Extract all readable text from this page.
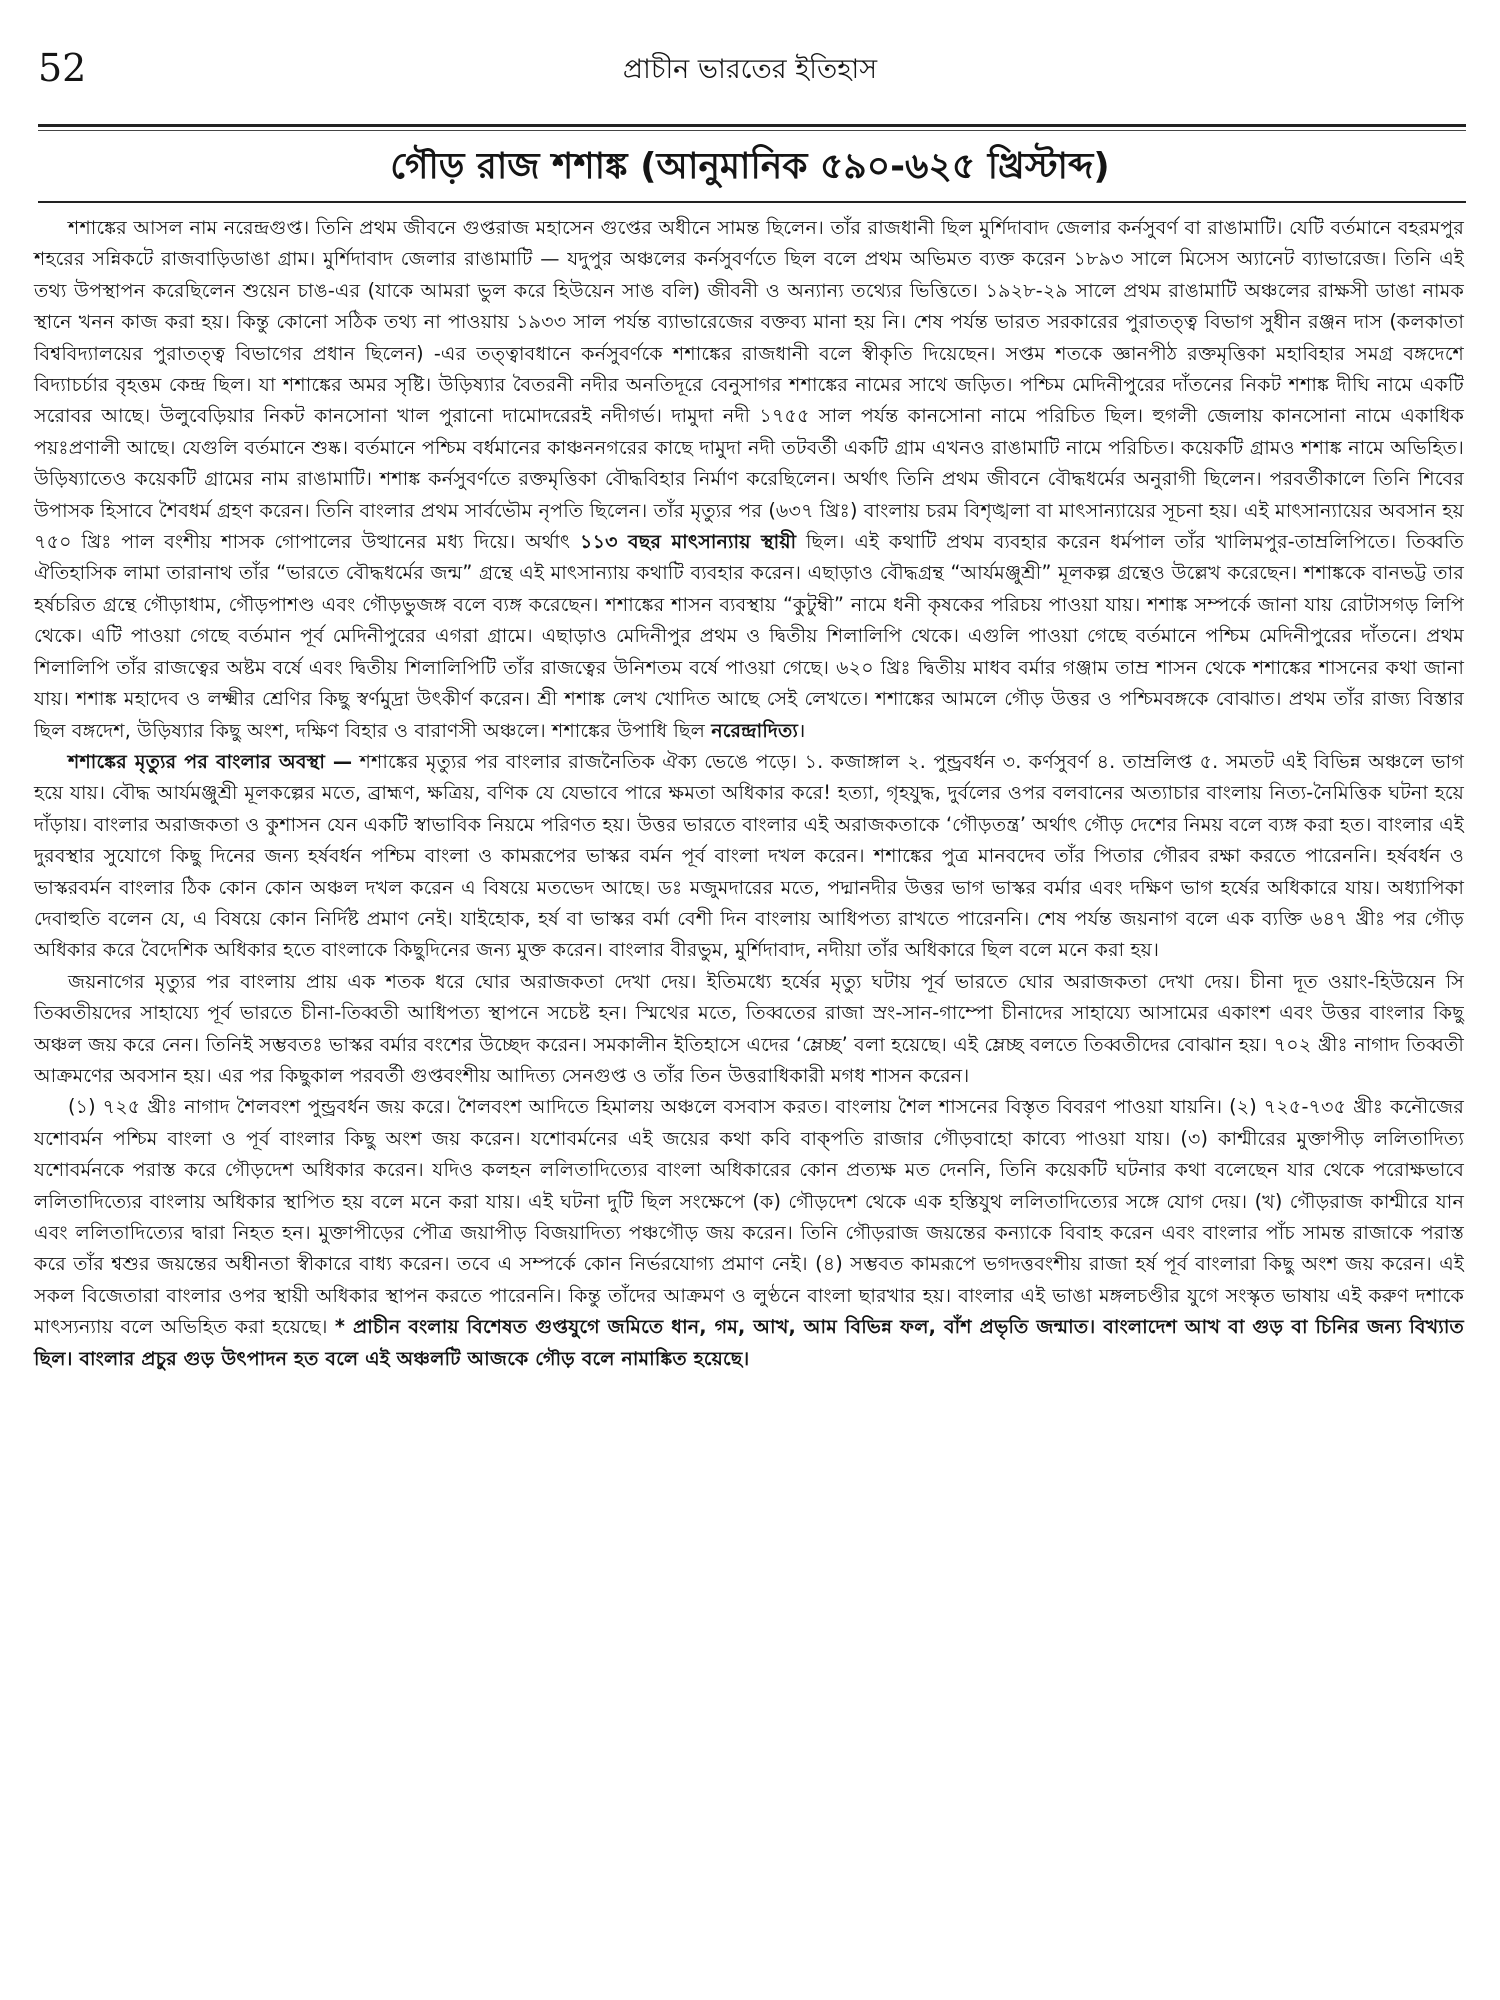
52	প্রাচীন ভারতের ইতিহাস
গৌড় রাজ শশাঙ্ক (আনুমানিক ৫৯০-৬২৫ খ্রিস্টাব্দ)

শশাঙ্কের আসল নাম নরেন্দ্রগুপ্ত। তিনি প্রথম জীবনে গুপ্তরাজ মহাসেন গুপ্তের অধীনে সামন্ত ছিলেন। তাঁর রাজধানী ছিল মুর্শিদাবাদ জেলার কর্নসুবর্ণ বা রাঙামাটি। যেটি বর্তমানে বহরমপুর শহরের সন্নিকটে রাজবাড়িডাঙা গ্রাম। মুর্শিদাবাদ জেলার রাঙামাটি — যদুপুর অঞ্চলের কর্নসুবর্ণতে ছিল বলে প্রথম অভিমত ব্যক্ত করেন ১৮৯৩ সালে মিসেস অ্যানেট ব্যাভারেজ। তিনি এই তথ্য উপস্থাপন করেছিলেন শুয়েন চাঙ-এর (যাকে আমরা ভুল করে হিউয়েন সাঙ বলি) জীবনী ও অন্যান্য তথ্যের ভিত্তিতে। ১৯২৮-২৯ সালে প্রথম রাঙামাটি অঞ্চলের রাক্ষসী ডাঙা নামক স্থানে খনন কাজ করা হয়। কিন্তু কোনো সঠিক তথ্য না পাওয়ায় ১৯৩৩ সাল পর্যন্ত ব্যাভারেজের বক্তব্য মানা হয় নি। শেষ পর্যন্ত ভারত সরকারের পুরাতত্ত্ব বিভাগ সুধীন রঞ্জন দাস (কলকাতা বিশ্ববিদ্যালয়ের পুরাতত্ত্ব বিভাগের প্রধান ছিলেন) -এর তত্ত্বাবধানে কর্নসুবর্ণকে শশাঙ্কের রাজধানী বলে স্বীকৃতি দিয়েছেন। সপ্তম শতকে জ্ঞানপীঠ রক্তমৃত্তিকা মহাবিহার সমগ্র বঙ্গদেশে বিদ্যাচর্চার বৃহত্তম কেন্দ্র ছিল। যা শশাঙ্কের অমর সৃষ্টি। উড়িষ্যার বৈতরনী নদীর অনতিদূরে বেনুসাগর শশাঙ্কের নামের সাথে জড়িত। পশ্চিম মেদিনীপুরের দাঁতনের নিকট শশাঙ্ক দীঘি নামে একটি সরোবর আছে। উলুবেড়িয়ার নিকট কানসোনা খাল পুরানো দামোদরেরই নদীগর্ভ। দামুদা নদী ১৭৫৫ সাল পর্যন্ত কানসোনা নামে পরিচিত ছিল। হুগলী জেলায় কানসোনা নামে একাধিক পয়ঃপ্রণালী আছে। যেগুলি বর্তমানে শুষ্ক। বর্তমানে পশ্চিম বর্ধমানের কাঞ্চননগরের কাছে দামুদা নদী তটবর্তী একটি গ্রাম এখনও রাঙামাটি নামে পরিচিত। কয়েকটি গ্রামও শশাঙ্ক নামে অভিহিত। উড়িষ্যাতেও কয়েকটি গ্রামের নাম রাঙামাটি। শশাঙ্ক কর্নসুবর্ণতে রক্তমৃত্তিকা বৌদ্ধবিহার নির্মাণ করেছিলেন। অর্থাৎ তিনি প্রথম জীবনে বৌদ্ধধর্মের অনুরাগী ছিলেন। পরবর্তীকালে তিনি শিবের উপাসক হিসাবে শৈবধর্ম গ্রহণ করেন। তিনি বাংলার প্রথম সার্বভৌম নৃপতি ছিলেন। তাঁর মৃত্যুর পর (৬৩৭ খ্রিঃ) বাংলায় চরম বিশৃঙ্খলা বা মাৎসান্যায়ের সূচনা হয়। এই মাৎসান্যায়ের অবসান হয় ৭৫০ খ্রিঃ পাল বংশীয় শাসক গোপালের উত্থানের মধ্য দিয়ে। অর্থাৎ ১১৩ বছর মাৎসান্যায় স্থায়ী ছিল। এই কথাটি প্রথম ব্যবহার করেন ধর্মপাল তাঁর খালিমপুর-তাম্রলিপিতে। তিব্বতি ঐতিহাসিক লামা তারানাথ তাঁর “ভারতে বৌদ্ধধর্মের জন্ম” গ্রন্থে এই মাৎসান্যায় কথাটি ব্যবহার করেন। এছাড়াও বৌদ্ধগ্রন্থ “আর্যমঞ্জুশ্রী” মূলকল্প গ্রন্থেও উল্লেখ করেছেন। শশাঙ্ককে বানভট্ট তার হর্ষচরিত গ্রন্থে গৌড়াধাম, গৌড়পাশণ্ড এবং গৌড়ভুজঙ্গ বলে ব্যঙ্গ করেছেন। শশাঙ্কের শাসন ব্যবস্থায় “কুটুম্বী” নামে ধনী কৃষকের পরিচয় পাওয়া যায়। শশাঙ্ক সম্পর্কে জানা যায় রোটাসগড় লিপি থেকে। এটি পাওয়া গেছে বর্তমান পূর্ব মেদিনীপুরের এগরা গ্রামে। এছাড়াও মেদিনীপুর প্রথম ও দ্বিতীয় শিলালিপি থেকে। এগুলি পাওয়া গেছে বর্তমানে পশ্চিম মেদিনীপুরের দাঁতনে। প্রথম শিলালিপি তাঁর রাজত্বের অষ্টম বর্ষে এবং দ্বিতীয় শিলালিপিটি তাঁর রাজত্বের উনিশতম বর্ষে পাওয়া গেছে। ৬২০ খ্রিঃ দ্বিতীয় মাধব বর্মার গঞ্জাম তাম্র শাসন থেকে শশাঙ্কের শাসনের কথা জানা যায়। শশাঙ্ক মহাদেব ও লক্ষ্মীর শ্রেণির কিছু স্বর্ণমুদ্রা উৎকীর্ণ করেন। শ্রী শশাঙ্ক লেখ খোদিত আছে সেই লেখতে। শশাঙ্কের আমলে গৌড় উত্তর ও পশ্চিমবঙ্গকে বোঝাত। প্রথম তাঁর রাজ্য বিস্তার ছিল বঙ্গদেশ, উড়িষ্যার কিছু অংশ, দক্ষিণ বিহার ও বারাণসী অঞ্চলে। শশাঙ্কের উপাধি ছিল নরেন্দ্রাদিত্য।

শশাঙ্কের মৃত্যুর পর বাংলার অবস্থা — শশাঙ্কের মৃত্যুর পর বাংলার রাজনৈতিক ঐক্য ভেঙে পড়ে। ১. কজাঙ্গাল ২. পুন্ড্রবর্ধন ৩. কর্ণসুবর্ণ ৪. তাম্রলিপ্ত ৫. সমতট এই বিভিন্ন অঞ্চলে ভাগ হয়ে যায়। বৌদ্ধ আর্যমঞ্জুশ্রী মূলকল্পের মতে, ব্রাহ্মণ, ক্ষত্রিয়, বণিক যে যেভাবে পারে ক্ষমতা অধিকার করে! হত্যা, গৃহযুদ্ধ, দুর্বলের ওপর বলবানের অত্যাচার বাংলায় নিত্য-নৈমিত্তিক ঘটনা হয়ে দাঁড়ায়। বাংলার অরাজকতা ও কুশাসন যেন একটি স্বাভাবিক নিয়মে পরিণত হয়। উত্তর ভারতে বাংলার এই অরাজকতাকে ‘গৌড়তন্ত্র’ অর্থাৎ গৌড় দেশের নিময় বলে ব্যঙ্গ করা হত। বাংলার এই দুরবস্থার সুযোগে কিছু দিনের জন্য হর্ষবর্ধন পশ্চিম বাংলা ও কামরূপের ভাস্কর বর্মন পূর্ব বাংলা দখল করেন। শশাঙ্কের পুত্র মানবদেব তাঁর পিতার গৌরব রক্ষা করতে পারেননি। হর্ষবর্ধন ও ভাস্করবর্মন বাংলার ঠিক কোন কোন অঞ্চল দখল করেন এ বিষয়ে মতভেদ আছে। ডঃ মজুমদারের মতে, পদ্মানদীর উত্তর ভাগ ভাস্কর বর্মার এবং দক্ষিণ ভাগ হর্ষের অধিকারে যায়। অধ্যাপিকা দেবাহুতি বলেন যে, এ বিষয়ে কোন নির্দিষ্ট প্রমাণ নেই। যাইহোক, হর্ষ বা ভাস্কর বর্মা বেশী দিন বাংলায় আধিপত্য রাখতে পারেননি। শেষ পর্যন্ত জয়নাগ বলে এক ব্যক্তি ৬৪৭ খ্রীঃ পর গৌড় অধিকার করে বৈদেশিক অধিকার হতে বাংলাকে কিছুদিনের জন্য মুক্ত করেন। বাংলার বীরভুম, মুর্শিদাবাদ, নদীয়া তাঁর অধিকারে ছিল বলে মনে করা হয়।

জয়নাগের মৃত্যুর পর বাংলায় প্রায় এক শতক ধরে ঘোর অরাজকতা দেখা দেয়। ইতিমধ্যে হর্ষের মৃত্যু ঘটায় পূর্ব ভারতে ঘোর অরাজকতা দেখা দেয়। চীনা দূত ওয়াং-হিউয়েন সি তিব্বতীয়দের সাহায্যে পূর্ব ভারতে চীনা-তিব্বতী আধিপত্য স্থাপনে সচেষ্ট হন। স্মিথের মতে, তিব্বতের রাজা স্রং-সান-গাম্পো চীনাদের সাহায্যে আসামের একাংশ এবং উত্তর বাংলার কিছু অঞ্চল জয় করে নেন। তিনিই সম্ভবতঃ ভাস্কর বর্মার বংশের উচ্ছেদ করেন। সমকালীন ইতিহাসে এদের ‘ম্লেচ্ছ’ বলা হয়েছে। এই ম্লেচ্ছ বলতে তিব্বতীদের বোঝান হয়। ৭০২ খ্রীঃ নাগাদ তিব্বতী আক্রমণের অবসান হয়। এর পর কিছুকাল পরবর্তী গুপ্তবংশীয় আদিত্য সেনগুপ্ত ও তাঁর তিন উত্তরাধিকারী মগধ শাসন করেন।

(১) ৭২৫ খ্রীঃ নাগাদ শৈলবংশ পুন্ড্রবর্ধন জয় করে। শৈলবংশ আদিতে হিমালয় অঞ্চলে বসবাস করত। বাংলায় শৈল শাসনের বিস্তৃত বিবরণ পাওয়া যায়নি। (২) ৭২৫-৭৩৫ খ্রীঃ কনৌজের যশোবর্মন পশ্চিম বাংলা ও পূর্ব বাংলার কিছু অংশ জয় করেন। যশোবর্মনের এই জয়ের কথা কবি বাক্‌পতি রাজার গৌড়বাহো কাব্যে পাওয়া যায়। (৩) কাশ্মীরের মুক্তাপীড় ললিতাদিত্য যশোবর্মনকে পরাস্ত করে গৌড়দেশ অধিকার করেন। যদিও কলহন ললিতাদিত্যের বাংলা অধিকারের কোন প্রত্যক্ষ মত দেননি, তিনি কয়েকটি ঘটনার কথা বলেছেন যার থেকে পরোক্ষভাবে ললিতাদিত্যের বাংলায় অধিকার স্থাপিত হয় বলে মনে করা যায়। এই ঘটনা দুটি ছিল সংক্ষেপে (ক) গৌড়দেশ থেকে এক হস্তিযুথ ললিতাদিত্যের সঙ্গে যোগ দেয়। (খ) গৌড়রাজ কাশ্মীরে যান এবং ললিতাদিত্যের দ্বারা নিহত হন। মুক্তাপীড়ের পৌত্র জয়াপীড় বিজয়াদিত্য পঞ্চগৌড় জয় করেন। তিনি গৌড়রাজ জয়ন্তের কন্যাকে বিবাহ করেন এবং বাংলার পাঁচ সামন্ত রাজাকে পরাস্ত করে তাঁর শ্বশুর জয়ন্তের অধীনতা স্বীকারে বাধ্য করেন। তবে এ সম্পর্কে কোন নির্ভরযোগ্য প্রমাণ নেই। (৪) সম্ভবত কামরূপে ভগদত্তবংশীয় রাজা হর্ষ পূর্ব বাংলারা কিছু অংশ জয় করেন। এই সকল বিজেতারা বাংলার ওপর স্থায়ী অধিকার স্থাপন করতে পারেননি। কিন্তু তাঁদের আক্রমণ ও লুণ্ঠনে বাংলা ছারখার হয়। বাংলার এই ভাঙা মঙ্গলচণ্ডীর যুগে সংস্কৃত ভাষায় এই করুণ দশাকে মাৎস্যন্যায় বলে অভিহিত করা হয়েছে। * প্রাচীন বংলায় বিশেষত গুপ্তযুগে জমিতে ধান, গম, আখ, আম বিভিন্ন ফল, বাঁশ প্রভৃতি জন্মাত। বাংলাদেশ আখ বা গুড় বা চিনির জন্য বিখ্যাত ছিল। বাংলার প্রচুর গুড় উৎপাদন হত বলে এই অঞ্চলটি আজকে গৌড় বলে নামাঙ্কিত হয়েছে।
